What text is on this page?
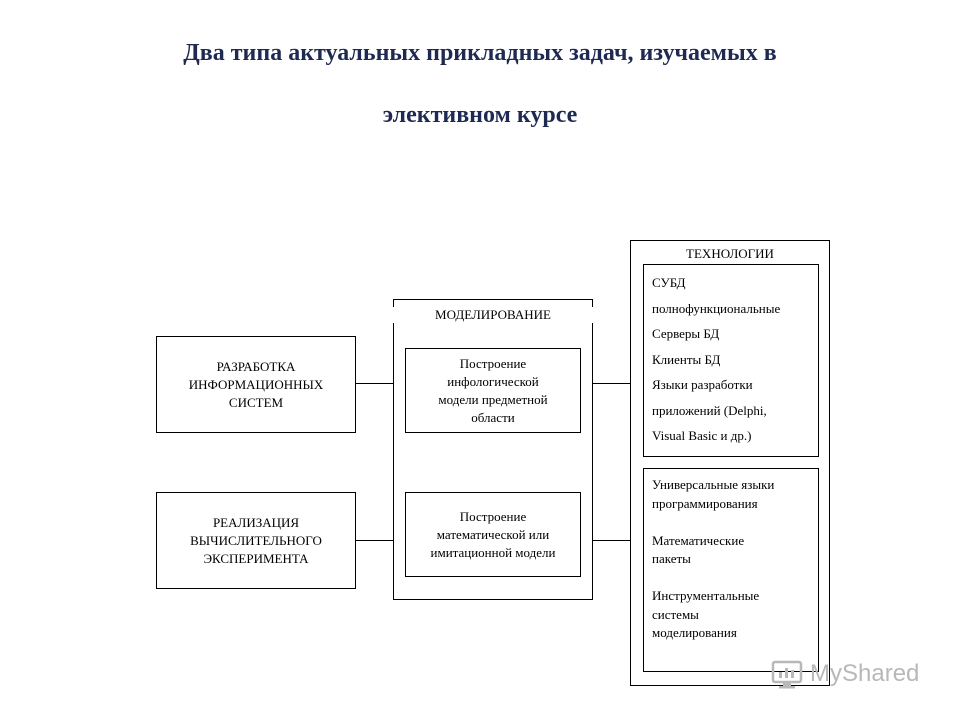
Два типа актуальных прикладных задач, изучаемых в
элективном курсе
РАЗРАБОТКА
ИНФОРМАЦИОННЫХ
СИСТЕМ
РЕАЛИЗАЦИЯ
ВЫЧИСЛИТЕЛЬНОГО
ЭКСПЕРИМЕНТА
МОДЕЛИРОВАНИЕ
Построение
инфологической
модели предметной
области
Построение
математической или
имитационной модели
ТЕХНОЛОГИИ
СУБД
полнофункциональные
Серверы БД
Клиенты БД
Языки разработки
приложений (Delphi,
Visual Basic и др.)
Универсальные языки
программирования
Математические
пакеты
Инструментальные
системы
моделирования
MyShared
